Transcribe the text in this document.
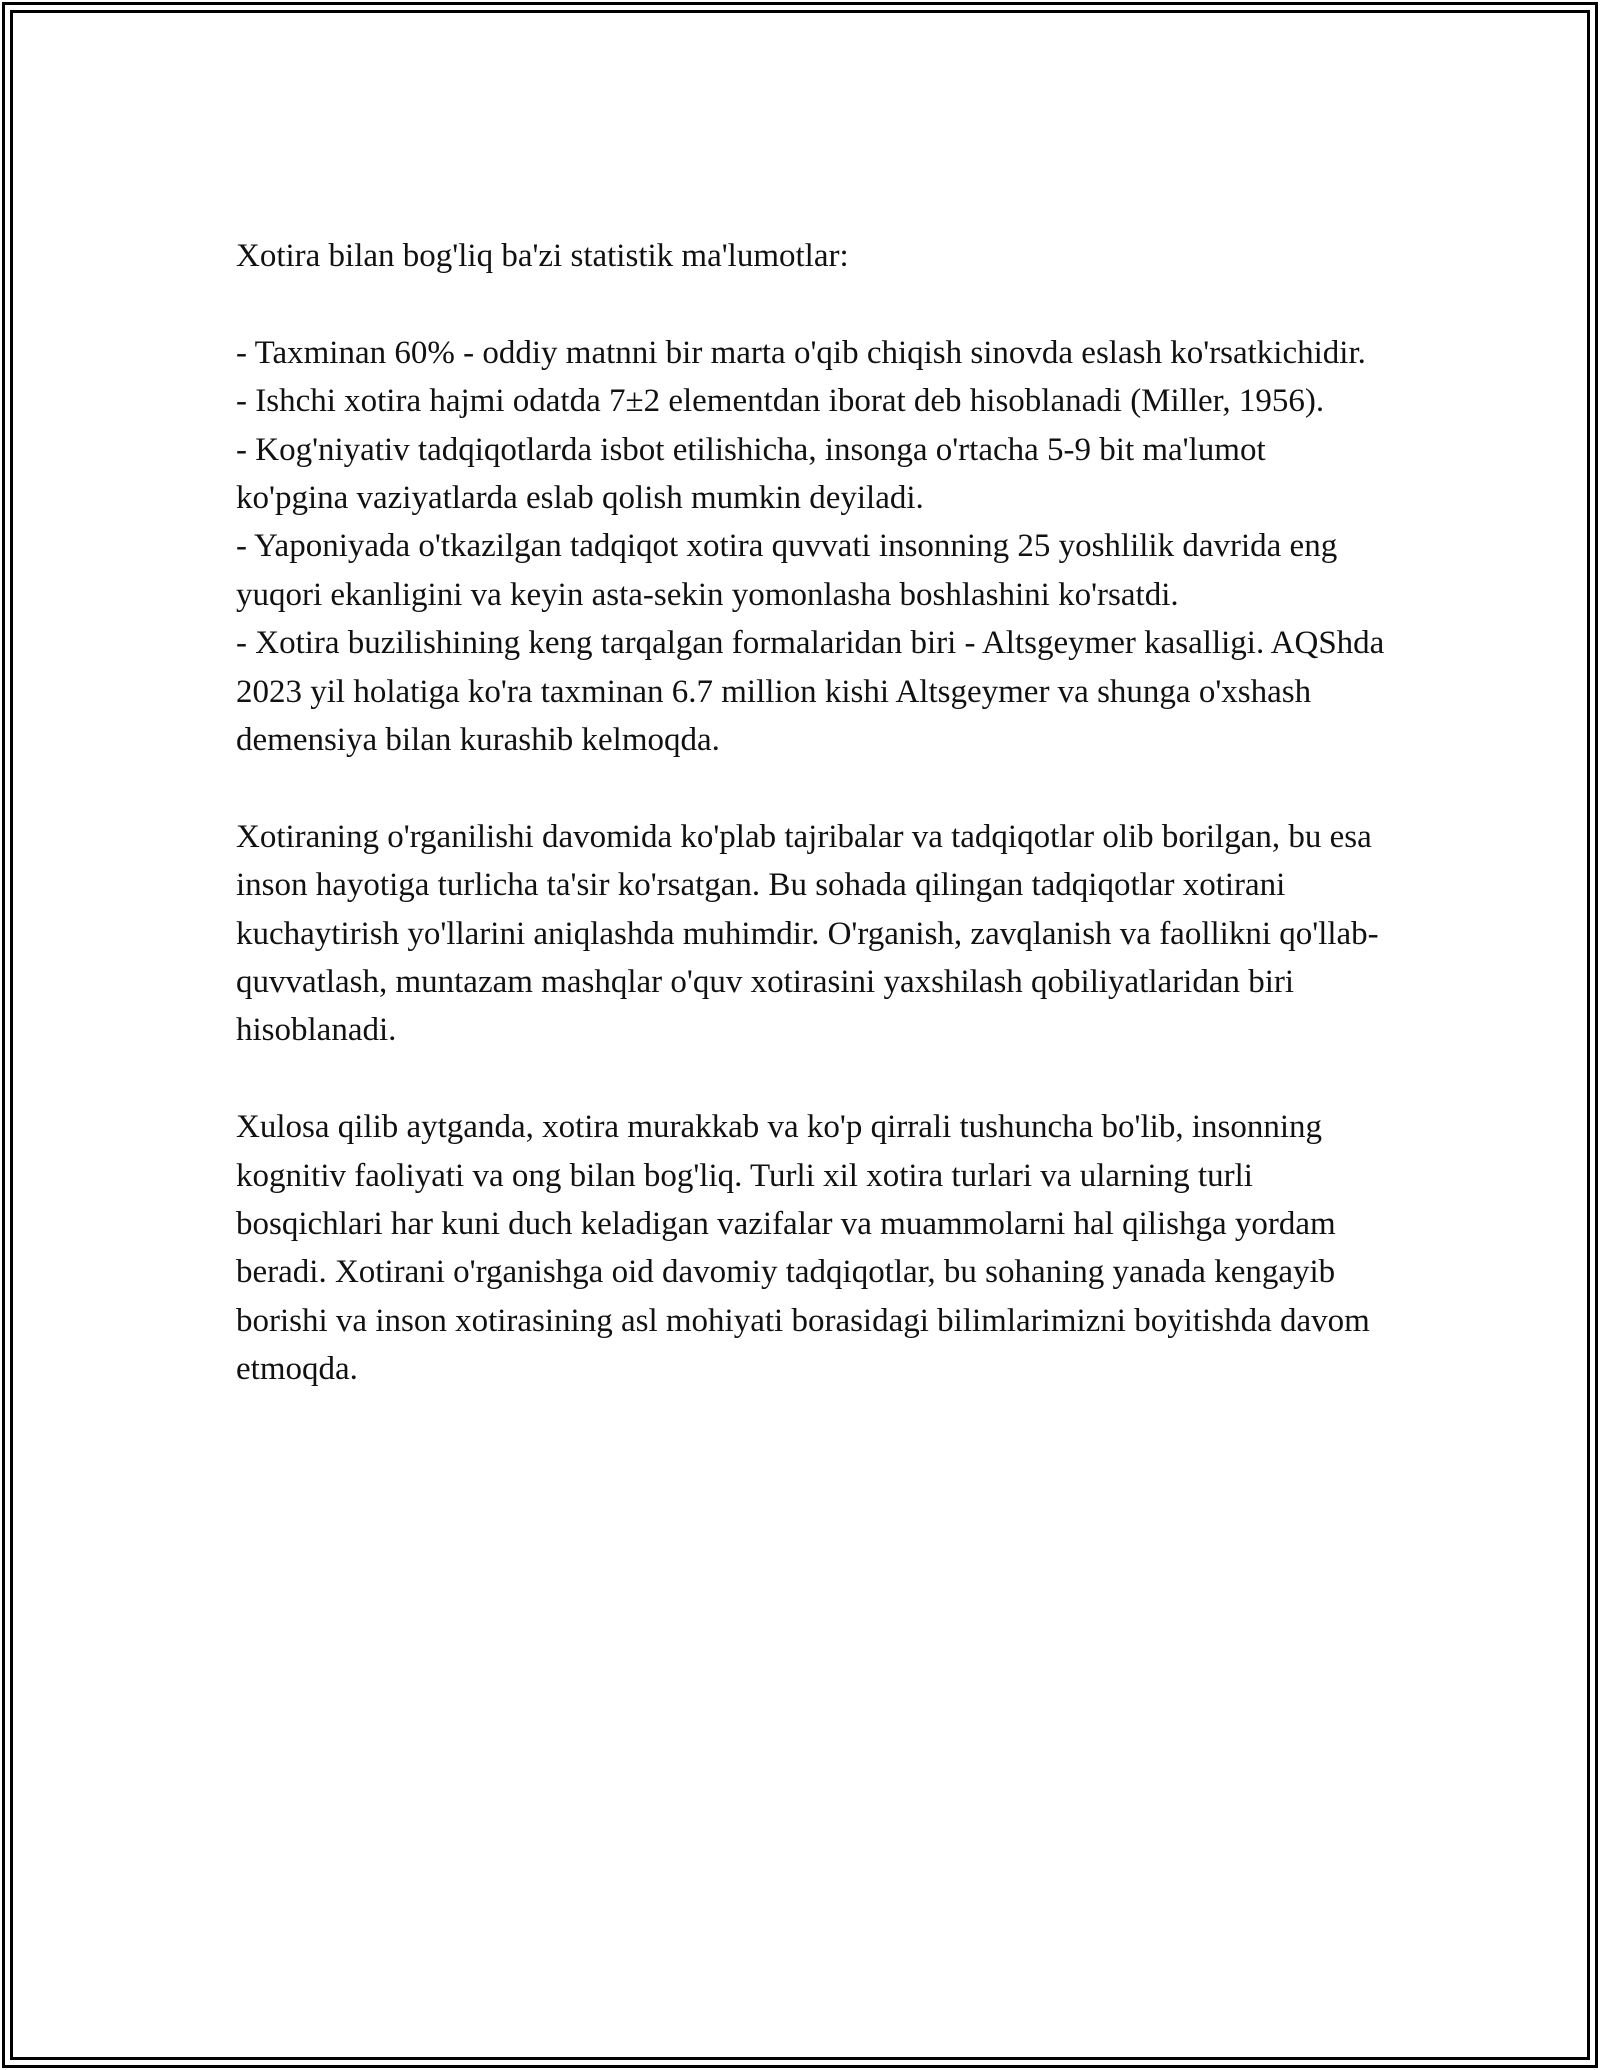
Xotira bilan bog'liq ba'zi statistik ma'lumotlar:

- Taxminan 60% - oddiy matnni bir marta o'qib chiqish sinovda eslash ko'rsatkichidir.

- Ishchi xotira hajmi odatda 7±2 elementdan iborat deb hisoblanadi (Miller, 1956).

- Kog'niyativ tadqiqotlarda isbot etilishicha, insonga o'rtacha 5-9 bit ma'lumot ko'pgina vaziyatlarda eslab qolish mumkin deyiladi.

- Yaponiyada o'tkazilgan tadqiqot xotira quvvati insonning 25 yoshlilik davrida eng yuqori ekanligini va keyin asta-sekin yomonlasha boshlashini ko'rsatdi.

- Xotira buzilishining keng tarqalgan formalaridan biri - Altsgeymer kasalligi. AQShda 2023 yil holatiga ko'ra taxminan 6.7 million kishi Altsgeymer va shunga o'xshash demensiya bilan kurashib kelmoqda.

Xotiraning o'rganilishi davomida ko'plab tajribalar va tadqiqotlar olib borilgan, bu esa inson hayotiga turlicha ta'sir ko'rsatgan. Bu sohada qilingan tadqiqotlar xotirani kuchaytirish yo'llarini aniqlashda muhimdir. O'rganish, zavqlanish va faollikni qo'llab-quvvatlash, muntazam mashqlar o'quv xotirasini yaxshilash qobiliyatlaridan biri hisoblanadi.

Xulosa qilib aytganda, xotira murakkab va ko'p qirrali tushuncha bo'lib, insonning kognitiv faoliyati va ong bilan bog'liq. Turli xil xotira turlari va ularning turli bosqichlari har kuni duch keladigan vazifalar va muammolarni hal qilishga yordam beradi. Xotirani o'rganishga oid davomiy tadqiqotlar, bu sohaning yanada kengayib borishi va inson xotirasining asl mohiyati borasidagi bilimlarimizni boyitishda davom etmoqda.
